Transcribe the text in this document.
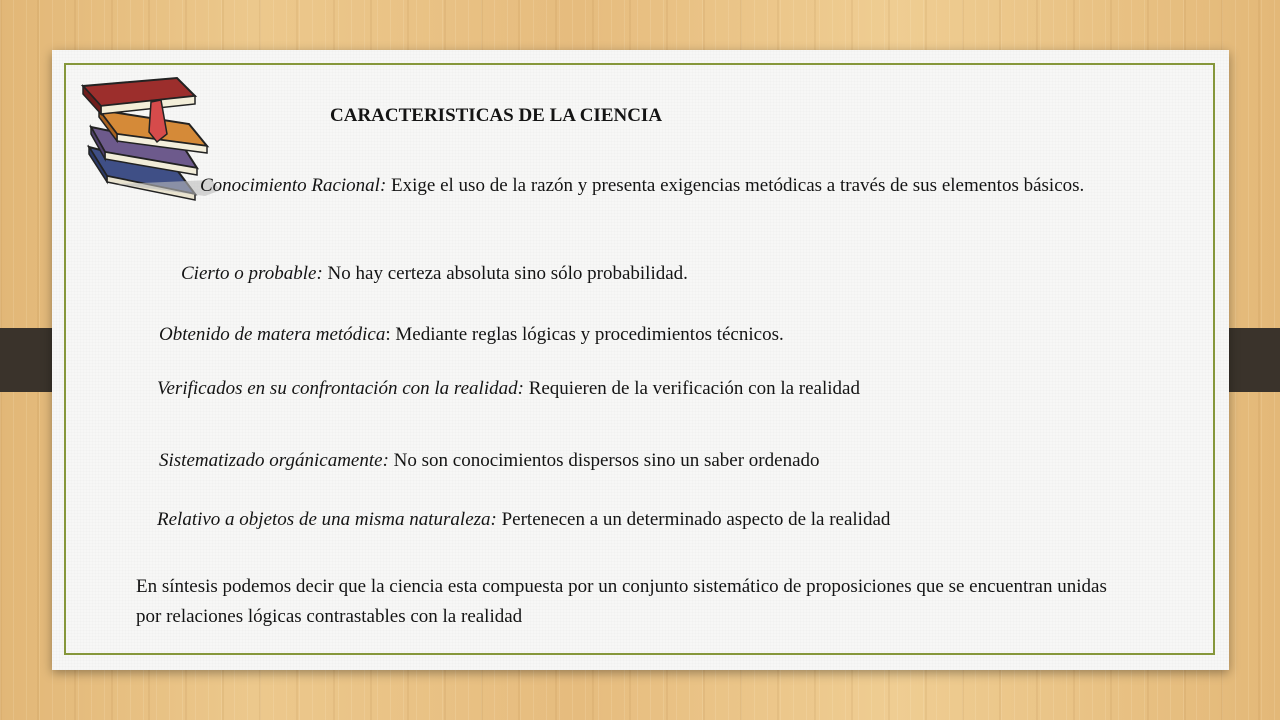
CARACTERISTICAS DE LA CIENCIA

Conocimiento Racional: Exige el uso de la razón y presenta exigencias metódicas a través de sus elementos básicos.

Cierto o probable: No hay certeza absoluta sino sólo probabilidad.

Obtenido de matera metódica: Mediante reglas lógicas y procedimientos técnicos.

Verificados en su confrontación con la realidad: Requieren de la verificación con la realidad

Sistematizado orgánicamente: No son conocimientos dispersos sino un saber ordenado

Relativo a objetos de una misma naturaleza: Pertenecen a un determinado aspecto de la realidad

En síntesis podemos decir que la ciencia esta compuesta por un conjunto sistemático de proposiciones que se encuentran unidas por relaciones lógicas contrastables con la realidad
